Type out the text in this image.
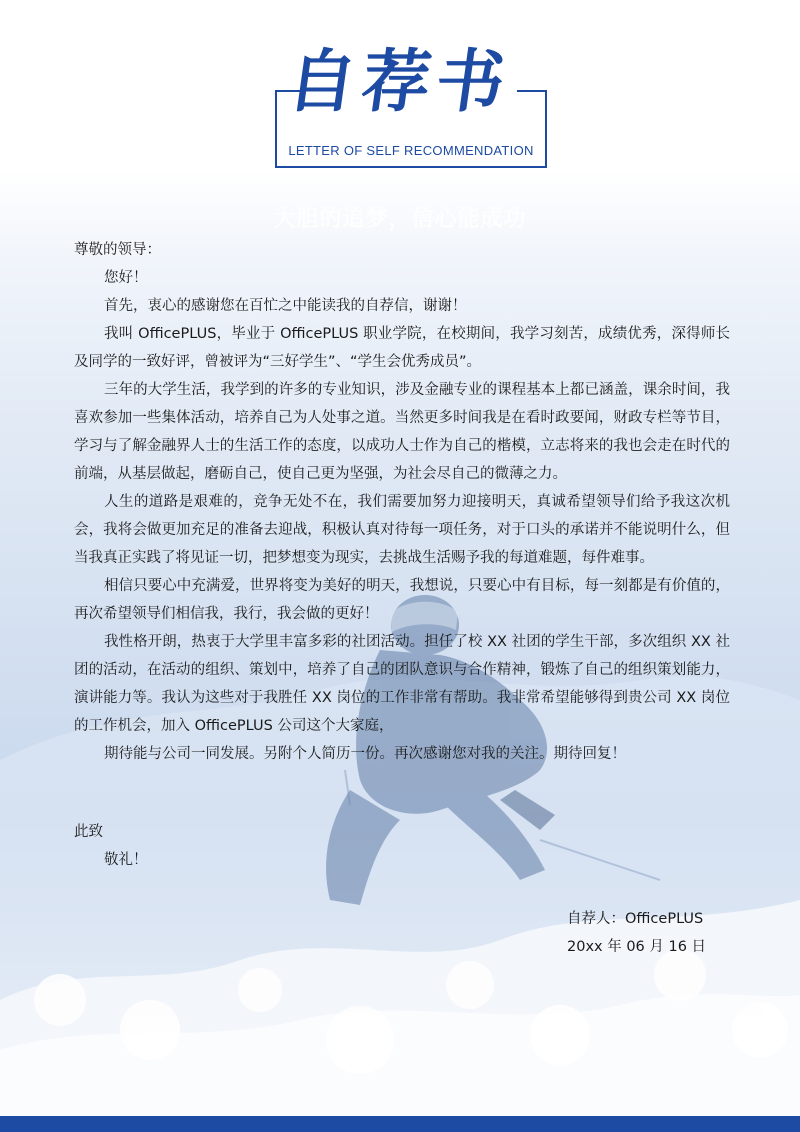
大胆的追梦，信心能成功
自荐书
LETTER OF SELF RECOMMENDATION

尊敬的领导：

您好！

首先，衷心的感谢您在百忙之中能读我的自荐信，谢谢！

我叫 OfficePLUS，毕业于 OfficePLUS 职业学院，在校期间，我学习刻苦，成绩优秀，深得师长及同学的一致好评，曾被评为“三好学生”、“学生会优秀成员”。

三年的大学生活，我学到的许多的专业知识，涉及金融专业的课程基本上都已涵盖，课余时间，我喜欢参加一些集体活动，培养自己为人处事之道。当然更多时间我是在看时政要闻，财政专栏等节目，学习与了解金融界人士的生活工作的态度，以成功人士作为自己的楷模，立志将来的我也会走在时代的前端，从基层做起，磨砺自己，使自己更为坚强，为社会尽自己的微薄之力。

人生的道路是艰难的，竞争无处不在，我们需要加努力迎接明天，真诚希望领导们给予我这次机会，我将会做更加充足的准备去迎战，积极认真对待每一项任务，对于口头的承诺并不能说明什么，但当我真正实践了将见证一切，把梦想变为现实，去挑战生活赐予我的每道难题，每件难事。

相信只要心中充满爱，世界将变为美好的明天，我想说，只要心中有目标，每一刻都是有价值的，再次希望领导们相信我，我行，我会做的更好！

我性格开朗，热衷于大学里丰富多彩的社团活动。担任了校 XX 社团的学生干部，多次组织 XX 社团的活动，在活动的组织、策划中，培养了自己的团队意识与合作精神，锻炼了自己的组织策划能力，演讲能力等。我认为这些对于我胜任 XX 岗位的工作非常有帮助。我非常希望能够得到贵公司 XX 岗位的工作机会，加入 OfficePLUS 公司这个大家庭，

期待能与公司一同发展。另附个人简历一份。再次感谢您对我的关注。期待回复！

此致
敬礼！
自荐人：OfficePLUS
20xx 年 06 月 16 日
